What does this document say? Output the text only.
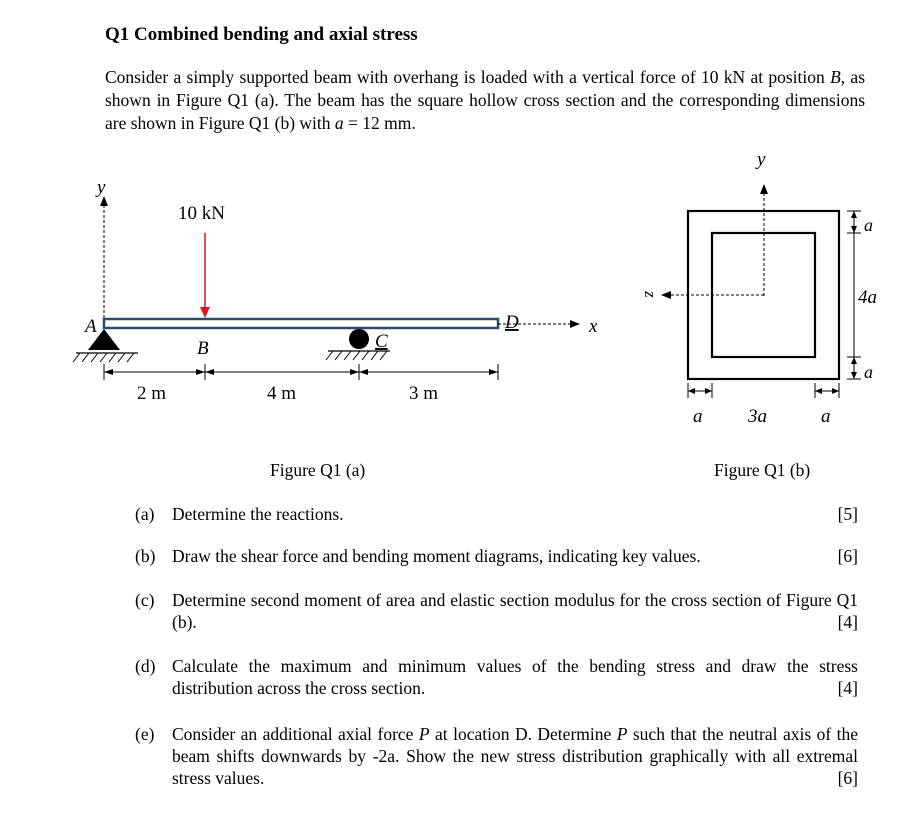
Q1 Combined bending and axial stress
Consider a simply supported beam with overhang is loaded with a vertical force of 10 kN at position B, as shown in Figure Q1 (a). The beam has the square hollow cross section and the corresponding dimensions are shown in Figure Q1 (b) with a = 12 mm.
y
10 kN
A
B	C
D	x
2 m	4 m	3 m
y
z
a
4a
a
a 3a	a
Figure Q1 (a)	Figure Q1 (b)
(a) Determine the reactions.	[5]
(b) Draw the shear force and bending moment diagrams, indicating key values.	[6]
(c) Determine second moment of area and elastic section modulus for the cross section of Figure Q1 (b).	[4]
(d) Calculate the maximum and minimum values of the bending stress and draw the stress distribution across the cross section.	[4]
(e) Consider an additional axial force P at location D. Determine P such that the neutral axis of the beam shifts downwards by -2a. Show the new stress distribution graphically with all extremal stress values.	[6]
